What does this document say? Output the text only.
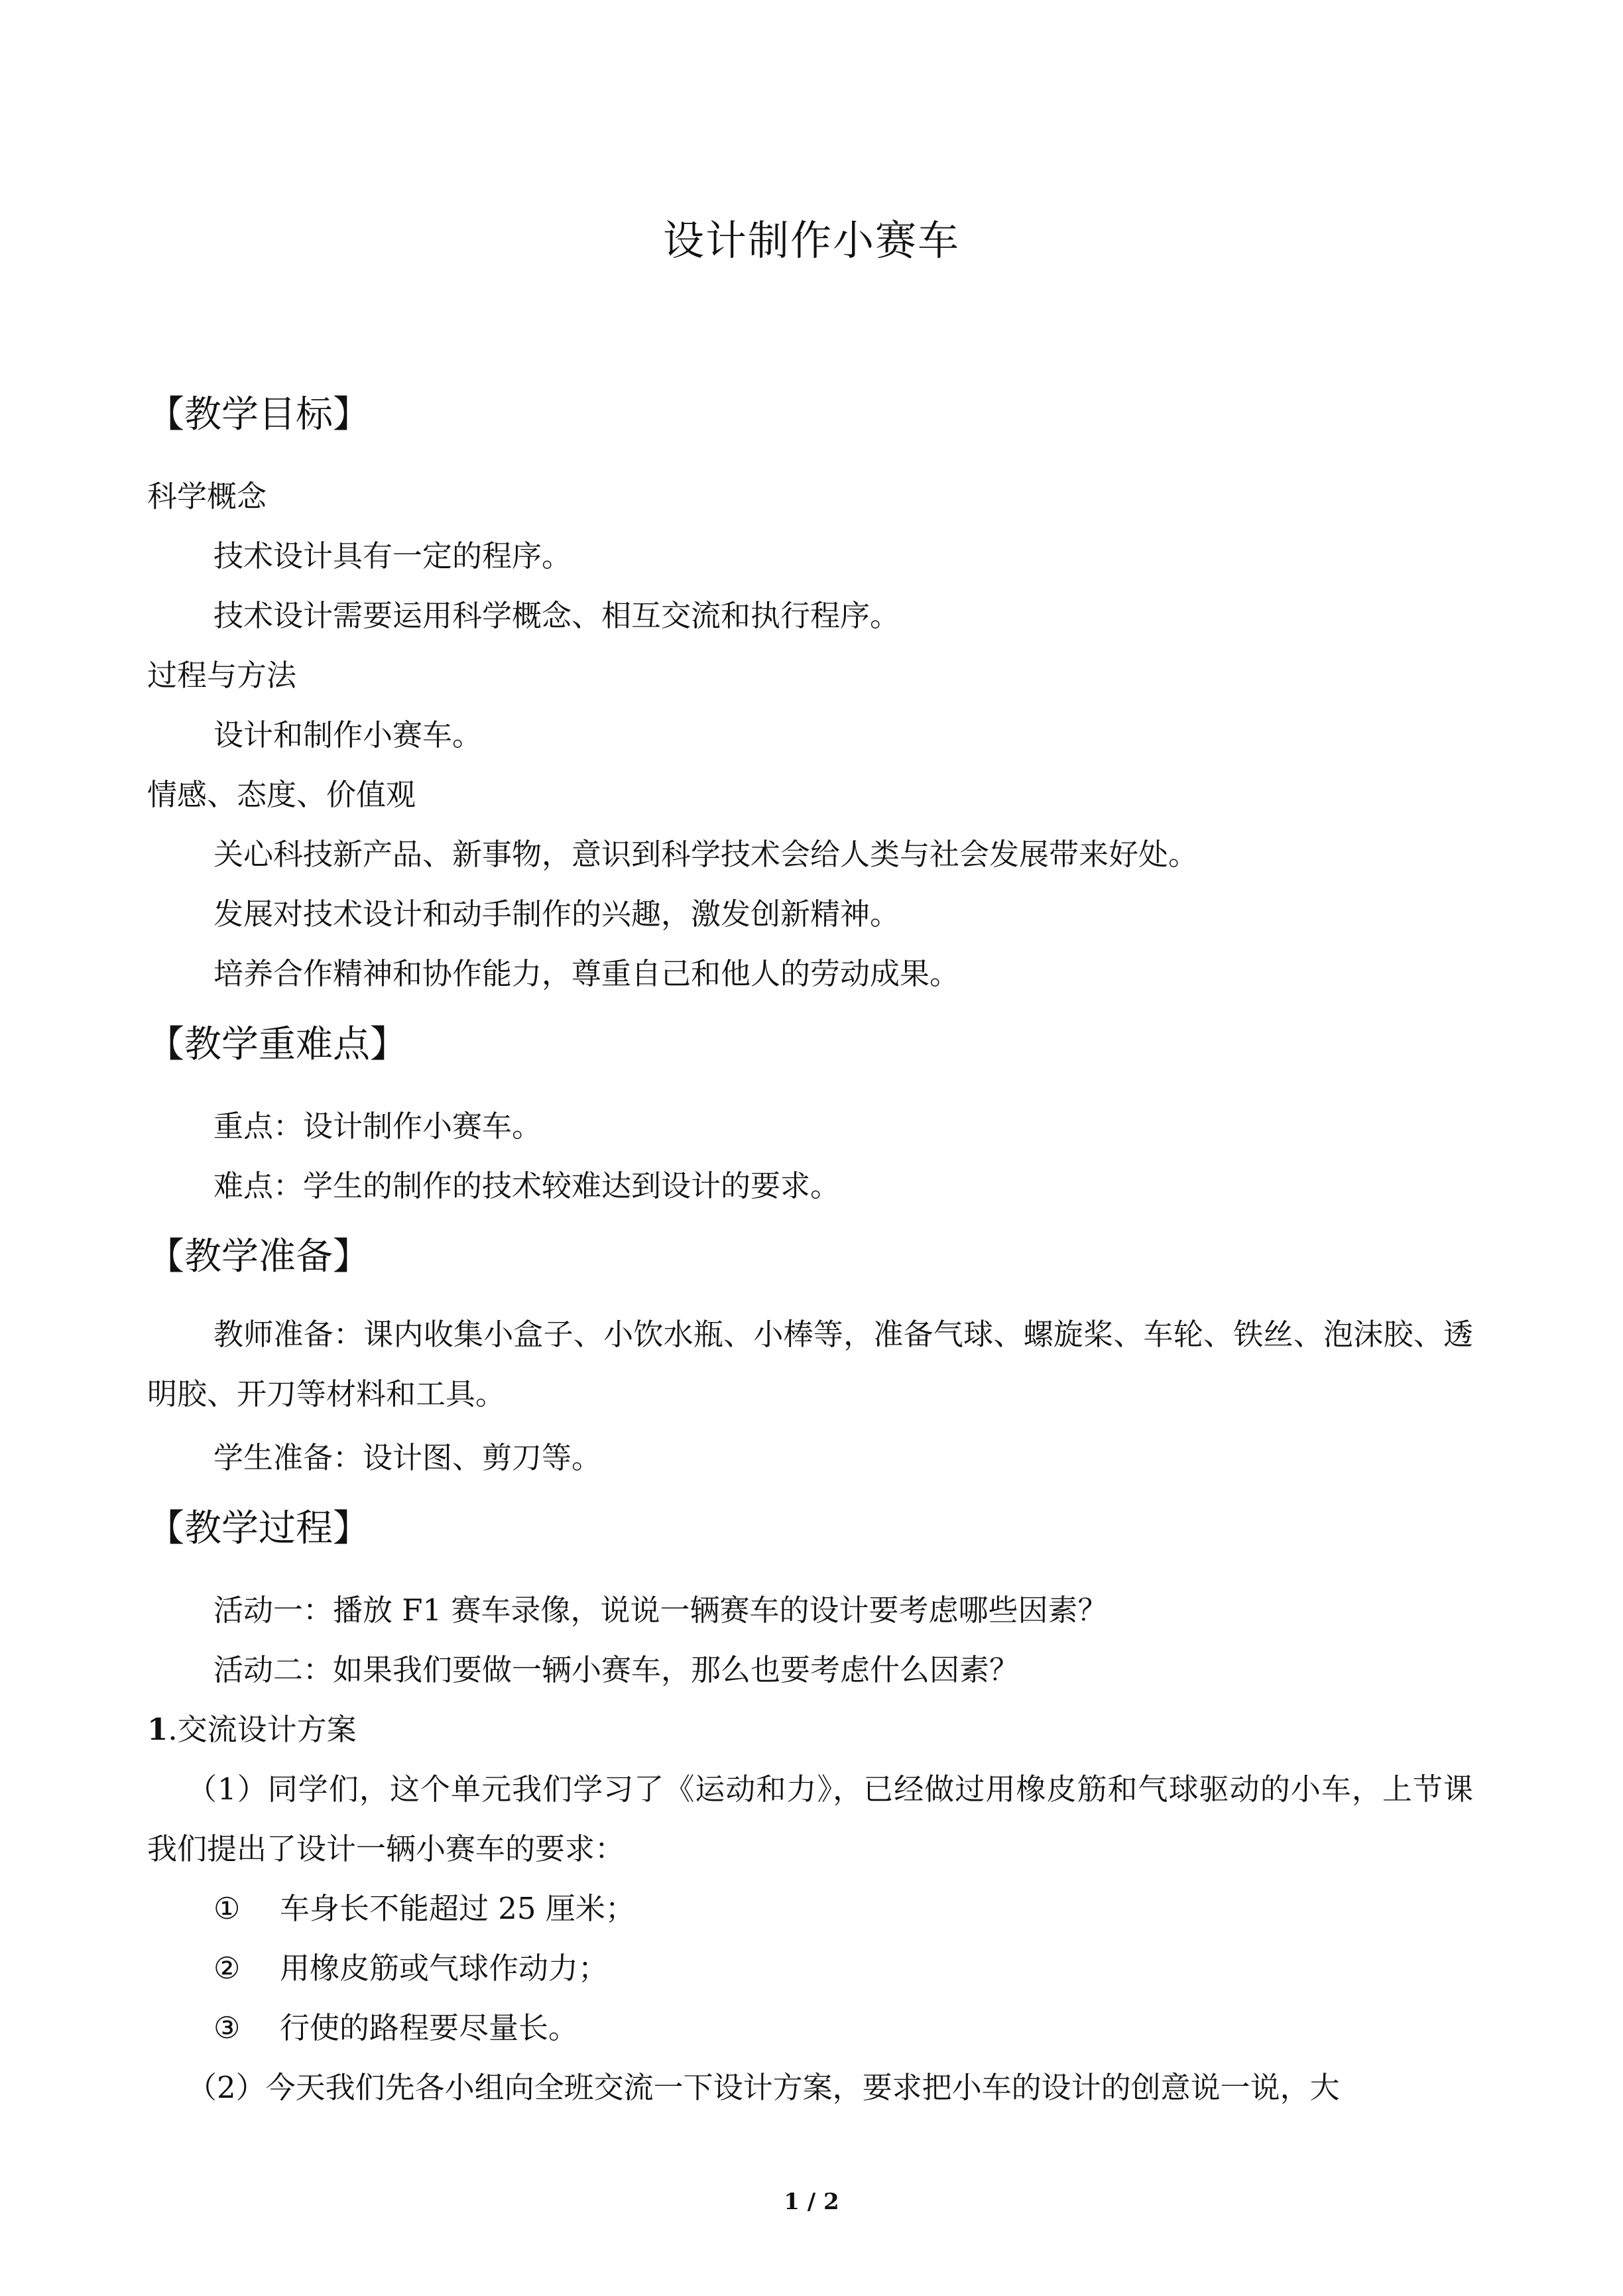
设计制作小赛车
【教学目标】
科学概念
技术设计具有一定的程序。
技术设计需要运用科学概念、相互交流和执行程序。
过程与方法
设计和制作小赛车。
情感、态度、价值观
关心科技新产品、新事物，意识到科学技术会给人类与社会发展带来好处。
发展对技术设计和动手制作的兴趣，激发创新精神。
培养合作精神和协作能力，尊重自己和他人的劳动成果。
【教学重难点】
重点：设计制作小赛车。
难点：学生的制作的技术较难达到设计的要求。
【教学准备】

教师准备：课内收集小盒子、小饮水瓶、小棒等，准备气球、螺旋桨、车轮、铁丝、泡沫胶、透明胶、开刀等材料和工具。

学生准备：设计图、剪刀等。
【教学过程】
活动一：播放 F1 赛车录像，说说一辆赛车的设计要考虑哪些因素？
活动二：如果我们要做一辆小赛车，那么也要考虑什么因素？
1.交流设计方案

（1）同学们，这个单元我们学习了《运动和力》，已经做过用橡皮筋和气球驱动的小车，上节课我们提出了设计一辆小赛车的要求：

① 车身长不能超过 25 厘米；
② 用橡皮筋或气球作动力；
③ 行使的路程要尽量长。
（2）今天我们先各小组向全班交流一下设计方案，要求把小车的设计的创意说一说，大
1 / 2
